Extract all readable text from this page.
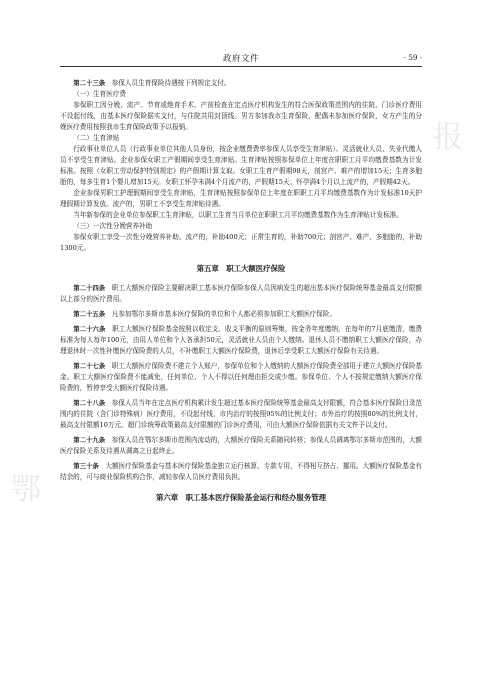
鄂
报
政府文件	· 59 ·

第二十三条　 参保人员生育保险待遇按下列规定支付。

（一）生育医疗费

参保职工因分娩、流产、节育或绝育手术、产前检查在定点医疗机构发生的符合医保政策范围内的住院、门诊医疗费用不设起付线，由基本医疗保险据实支付，与住院共用封顶线。男方参加我市生育保险，配偶未参加医疗保险，女方产生的分娩医疗费用按照我市生育保险政策予以报销。

（二）生育津贴

行政事业单位人员（行政事业单位其他人员身份，按企业缴费费率参保人员享受生育津贴）、灵活就业人员、失业代缴人员不享受生育津贴。企业参保女职工产假期间享受生育津贴。生育津贴按照参保单位上年度在职职工月平均缴费基数为计发标准。按照《女职工劳动保护特别规定》的产假期计算支取。女职工生育产假期98天，剖宫产、难产的增加15天；生育多胞胎的，每多生育1个婴儿增加15天。女职工怀孕未满4个月流产的，产假期15天；怀孕满4个月以上流产的，产假期42天。

企业参保男职工护理假期间享受生育津贴，生育津贴按照参保单位上年度在职职工月平均缴费基数作为计发标准10天护理假期计算发放。流产的，男职工不享受生育津贴待遇。

当年新参保的企业单位参保职工生育津贴，以职工生育当月单位在职职工月平均缴费基数作为生育津贴计发标准。

（三）一次性分娩营养补助

参保女职工享受一次性分娩营养补助。流产的，补助400元；正常生育的，补助700元；剖宫产、难产、多胞胎的，补助1300元。

第五章　职工大额医疗保险

第二十四条　 职工大额医疗保险主要解决职工基本医疗保险参保人员因病发生的超出基本医疗保险统筹基金最高支付限额以上部分的医疗费用。

第二十五条　 凡参加鄂尔多斯市基本医疗保险的单位和个人都必须参加职工大额医疗保险。

第二十六条　 职工大额医疗保险基金按照以收定支、收支平衡的原则筹集，按金务年度缴纳，在每年的7月底缴清，缴费标准为每人每年100元，由用人单位和个人各承担50元，灵活就业人员由个人缴纳。退休人员不缴纳职工大额医疗保险，办理退休时一次性补缴医疗保险费的人员，不补缴职工大额医疗保险费，退休后享受职工大额医疗保险有关待遇。

第二十七条　 职工大额医疗保险费不建立个人账户，参保单位和个人缴纳的大额医疗保险费全部用于建立大额医疗保险基金。职工大额医疗保险费不能减免，任何单位、个人不得以任何理由拒交或少缴。参保单位、个人不按规定缴纳大额医疗保险费的，暂停享受大额医疗保险待遇。

第二十八条　 参保人员当年在定点医疗机构累计发生超过基本医疗保险统筹基金最高支付限额，符合基本医疗保险目录范围内的住院（含门诊特殊病）医疗费用，不设起付线，市内治疗的按照95%的比例支付；市外治疗的按照80%的比例支付，最高支付限额10万元。超门诊统筹政策最高支付限额的门诊医疗费用，可由大额医疗保险依据有关文件予以支付。

第二十九条　 参保人员在鄂尔多斯市范围内流动的，大额医疗保险关系随同转移；参保人员调离鄂尔多斯市范围的，大额医疗保险关系及待遇从调离之日起终止。

第三十条　 大额医疗保险基金与基本医疗保险基金独立运行核算，专款专用，不得相互挤占、挪用。大额医疗保险基金有结余的，可与商业保险机构合作，减轻参保人员医疗费用负担。

第六章　职工基本医疗保险基金运行和经办服务管理
